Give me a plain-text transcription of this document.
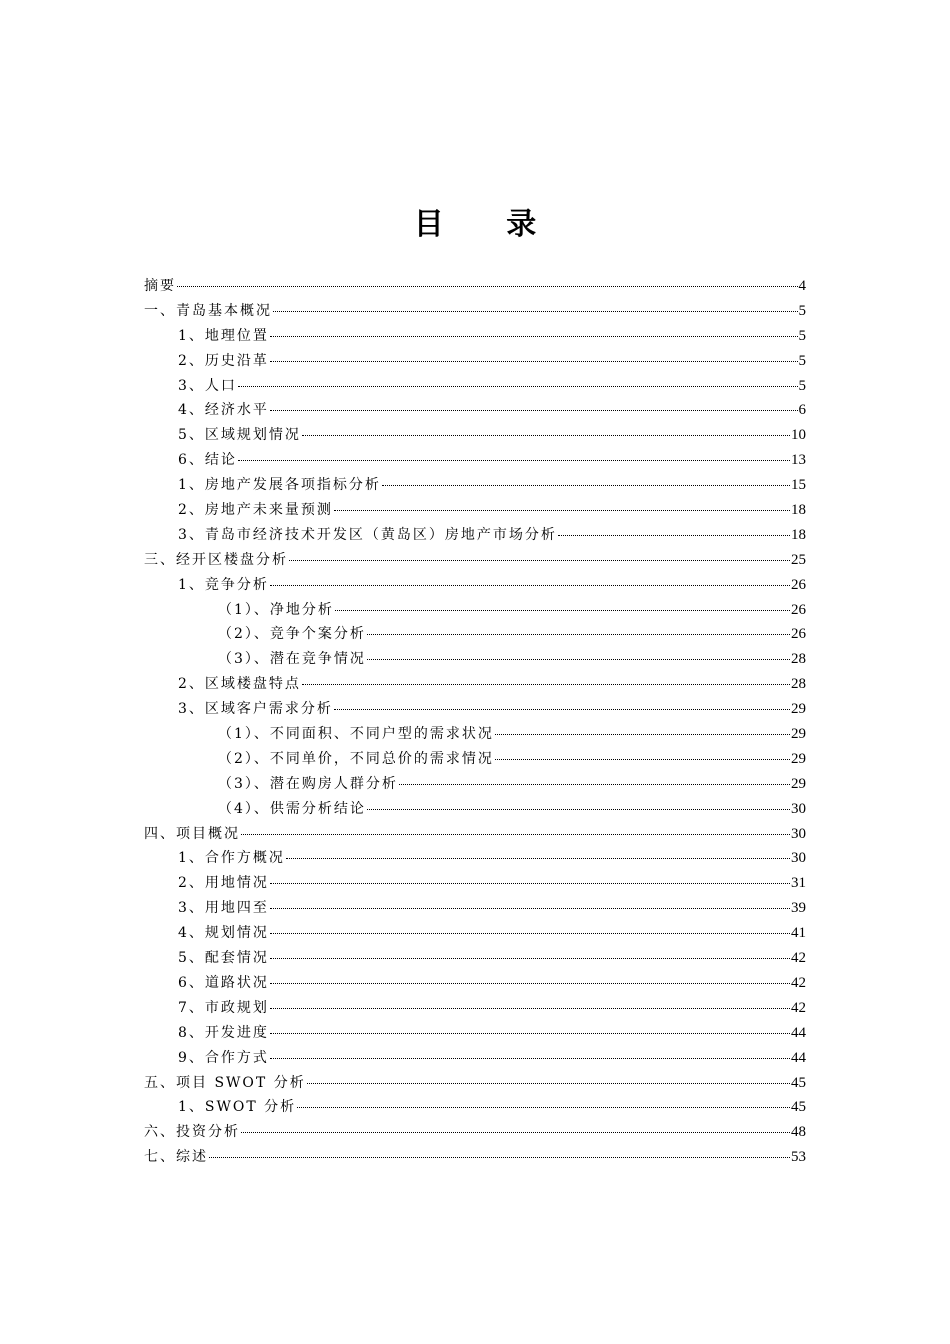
目 录
摘要	4
一、青岛基本概况	5
1、地理位置	5
2、历史沿革	5
3、人口	5
4、经济水平	6
5、区域规划情况	10
6、结论	13
1、房地产发展各项指标分析	15
2、房地产未来量预测	18
3、青岛市经济技术开发区（黄岛区）房地产市场分析	18
三、经开区楼盘分析	25
1、竞争分析	26
（1）、净地分析	26
（2）、竞争个案分析	26
（3）、潜在竞争情况	28
2、区域楼盘特点	28
3、区域客户需求分析	29
（1）、不同面积、不同户型的需求状况	29
（2）、不同单价，不同总价的需求情况	29
（3）、潜在购房人群分析	29
（4）、供需分析结论	30
四、项目概况	30
1、合作方概况	30
2、用地情况	31
3、用地四至	39
4、规划情况	41
5、配套情况	42
6、道路状况	42
7、市政规划	42
8、开发进度	44
9、合作方式	44
五、项目 SWOT 分析	45
1、SWOT 分析	45
六、投资分析	48
七、综述	53
